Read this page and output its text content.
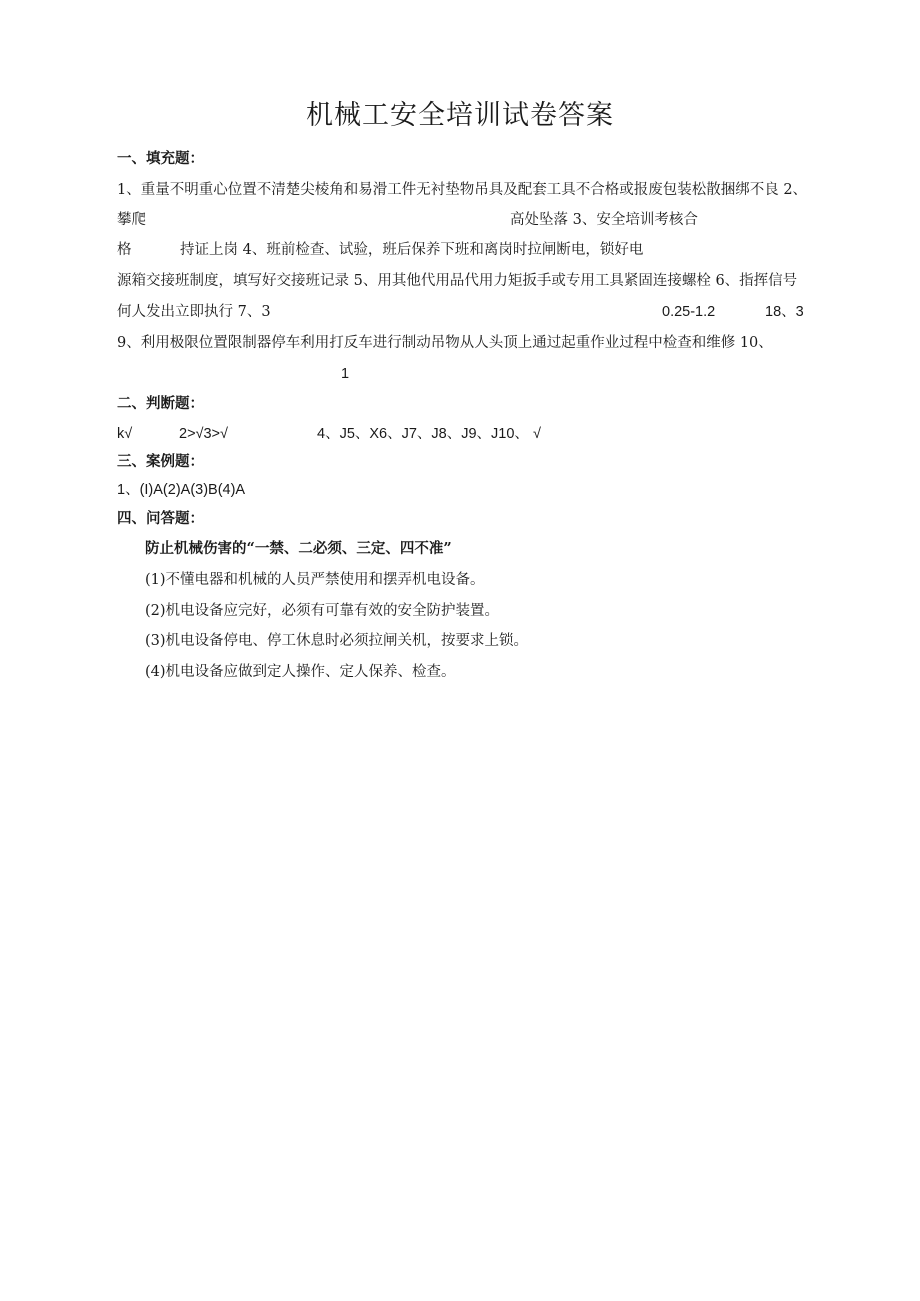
机械工安全培训试卷答案
一、填充题：
1、重量不明重心位置不清楚尖棱角和易滑工件无衬垫物吊具及配套工具不合格或报废包装松散捆绑不良 2、
攀爬	高处坠落 3、安全培训考核合
格	持证上岗 4、班前检查、试验，班后保养下班和离岗时拉闸断电，锁好电
源箱交接班制度，填写好交接班记录 5、用其他代用品代用力矩扳手或专用工具紧固连接螺栓 6、指挥信号
何人发出立即执行 7、3	0.25-1.2	18、3
9、利用极限位置限制器停车利用打反车进行制动吊物从人头顶上通过起重作业过程中检查和维修 10、
1
二、判断题：
k√	2>√3>√	4、J5、X6、J7、J8、J9、J10、 √
三、案例题：
1、(I)A(2)A(3)B(4)A
四、问答题：
防止机械伤害的“一禁、二必须、三定、四不准”
(1)不懂电器和机械的人员严禁使用和摆弄机电设备。
(2)机电设备应完好，必须有可靠有效的安全防护装置。
(3)机电设备停电、停工休息时必须拉闸关机，按要求上锁。
(4)机电设备应做到定人操作、定人保养、检查。
